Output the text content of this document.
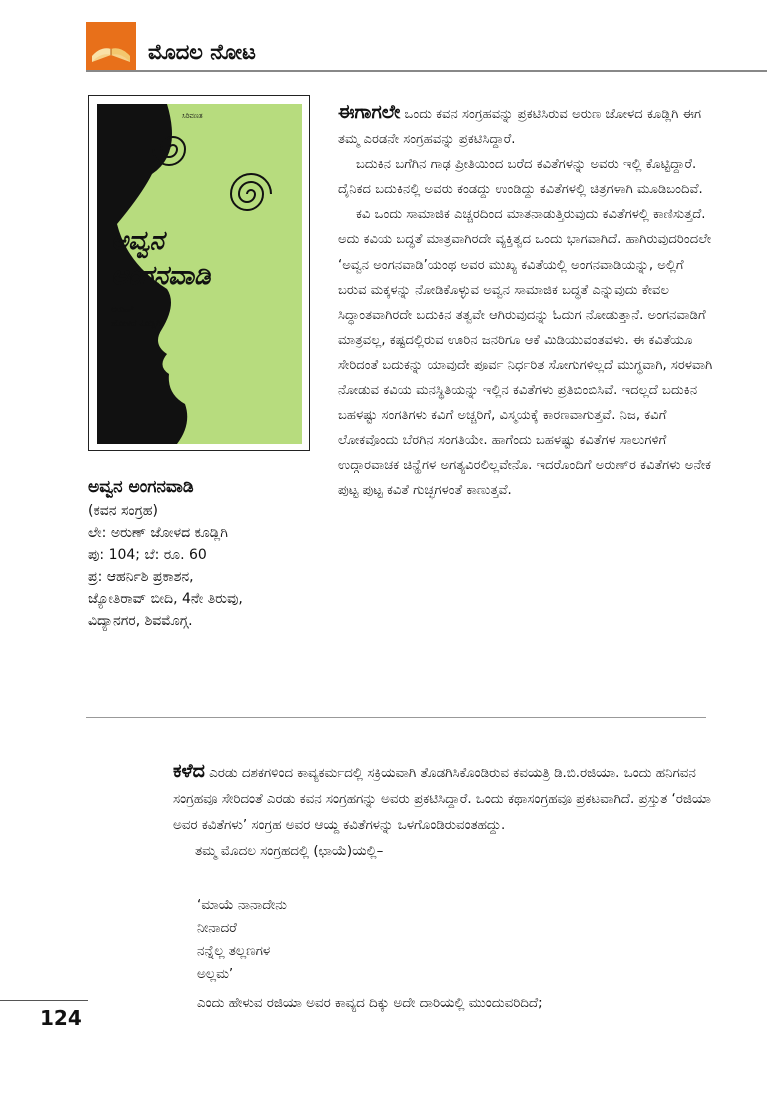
ಮೊದಲ ನೋಟ
ಸಿರಿವಣತ
ಅವ್ವನ
ಅಂಗನವಾಡಿ
ಅರುಣ್
ಜೋಳದ ಕೂಡ್ಲಿಗಿ
ಅವ್ವನ ಅಂಗನವಾಡಿ
(ಕವನ ಸಂಗ್ರಹ)
ಲೇ: ಅರುಣ್ ಜೋಳದ ಕೂಡ್ಲಿಗಿ
ಪು: 104; ಬೆ: ರೂ. 60
ಪ್ರ: ಆಹರ್ನಿಶಿ ಪ್ರಕಾಶನ,
ಜ್ಯೋತಿರಾವ್ ಬೀದಿ, 4ನೇ ತಿರುವು,
ವಿದ್ಯಾನಗರ, ಶಿವಮೊಗ್ಗ.

ಈಗಾಗಲೇ ಒಂದು ಕವನ ಸಂಗ್ರಹವನ್ನು ಪ್ರಕಟಿಸಿರುವ ಅರುಣ ಜೋಳದ ಕೂಡ್ಲಿಗಿ ಈಗ ತಮ್ಮ ಎರಡನೇ ಸಂಗ್ರಹವನ್ನು ಪ್ರಕಟಿಸಿದ್ದಾರೆ.

ಬದುಕಿನ ಬಗೆಗಿನ ಗಾಢ ಪ್ರೀತಿಯಿಂದ ಬರೆದ ಕವಿತೆಗಳನ್ನು ಅವರು ಇಲ್ಲಿ ಕೊಟ್ಟಿದ್ದಾರೆ. ದೈನಿಕದ ಬದುಕಿನಲ್ಲಿ ಅವರು ಕಂಡದ್ದು ಉಂಡಿದ್ದು ಕವಿತೆಗಳಲ್ಲಿ ಚಿತ್ರಗಳಾಗಿ ಮೂಡಿಬಂದಿವೆ.

ಕವಿ ಒಂದು ಸಾಮಾಜಿಕ ಎಚ್ಚರದಿಂದ ಮಾತನಾಡುತ್ತಿರುವುದು ಕವಿತೆಗಳಲ್ಲಿ ಕಾಣಿಸುತ್ತದೆ. ಅದು ಕವಿಯ ಬದ್ಧತೆ ಮಾತ್ರವಾಗಿರದೇ ವ್ಯಕ್ತಿತ್ವದ ಒಂದು ಭಾಗವಾಗಿದೆ. ಹಾಗಿರುವುದರಿಂದಲೇ ‘ಅವ್ವನ ಅಂಗನವಾಡಿ’ಯಂಥ ಅವರ ಮುಖ್ಯ ಕವಿತೆಯಲ್ಲಿ ಅಂಗನವಾಡಿಯನ್ನು, ಅಲ್ಲಿಗೆ ಬರುವ ಮಕ್ಕಳನ್ನು ನೋಡಿಕೊಳ್ಳುವ ಅವ್ವನ ಸಾಮಾಜಿಕ ಬದ್ಧತೆ ಎನ್ನುವುದು ಕೇವಲ ಸಿದ್ಧಾಂತವಾಗಿರದೇ ಬದುಕಿನ ತತ್ವವೇ ಆಗಿರುವುದನ್ನು ಓದುಗ ನೋಡುತ್ತಾನೆ. ಅಂಗನವಾಡಿಗೆ ಮಾತ್ರವಲ್ಲ, ಕಷ್ಟದಲ್ಲಿರುವ ಊರಿನ ಜನರಿಗೂ ಆಕೆ ಮಿಡಿಯುವಂತವಳು. ಈ ಕವಿತೆಯೂ ಸೇರಿದಂತೆ ಬದುಕನ್ನು ಯಾವುದೇ ಪೂರ್ವ ನಿರ್ಧರಿತ ಸೋಗುಗಳಿಲ್ಲದೆ ಮುಗ್ಧವಾಗಿ, ಸರಳವಾಗಿ ನೋಡುವ ಕವಿಯ ಮನಸ್ಥಿತಿಯನ್ನು ಇಲ್ಲಿನ ಕವಿತೆಗಳು ಪ್ರತಿಬಿಂಬಿಸಿವೆ. ಇದಲ್ಲದೆ ಬದುಕಿನ ಬಹಳಷ್ಟು ಸಂಗತಿಗಳು ಕವಿಗೆ ಅಚ್ಚರಿಗೆ, ವಿಸ್ಮಯಕ್ಕೆ ಕಾರಣವಾಗುತ್ತವೆ. ನಿಜ, ಕವಿಗೆ ಲೋಕವೊಂದು ಬೆರಗಿನ ಸಂಗತಿಯೇ. ಹಾಗೆಂದು ಬಹಳಷ್ಟು ಕವಿತೆಗಳ ಸಾಲುಗಳಿಗೆ ಉದ್ಗಾರವಾಚಕ ಚಿನ್ಹೆಗಳ ಅಗತ್ಯವಿರಲಿಲ್ಲವೇನೊ. ಇದರೊಂದಿಗೆ ಅರುಣ್‌ರ ಕವಿತೆಗಳು ಅನೇಕ ಪುಟ್ಟ ಪುಟ್ಟ ಕವಿತೆ ಗುಚ್ಛಗಳಂತೆ ಕಾಣುತ್ತವೆ.

ಕಳೆದ ಎರಡು ದಶಕಗಳಿಂದ ಕಾವ್ಯಕರ್ಮದಲ್ಲಿ ಸಕ್ರಿಯವಾಗಿ ತೊಡಗಿಸಿಕೊಂಡಿರುವ ಕವಯತ್ರಿ ಡಿ.ಬಿ.ರಜಿಯಾ. ಒಂದು ಹನಿಗವನ ಸಂಗ್ರಹವೂ ಸೇರಿದಂತೆ ಎರಡು ಕವನ ಸಂಗ್ರಹಗನ್ನು ಅವರು ಪ್ರಕಟಿಸಿದ್ದಾರೆ. ಒಂದು ಕಥಾಸಂಗ್ರಹವೂ ಪ್ರಕಟವಾಗಿದೆ. ಪ್ರಸ್ತುತ ‘ರಜಿಯಾ ಅವರ ಕವಿತೆಗಳು’ ಸಂಗ್ರಹ ಅವರ ಆಯ್ದ ಕವಿತೆಗಳನ್ನು ಒಳಗೊಂಡಿರುವಂತಹದ್ದು.

ತಮ್ಮ ಮೊದಲ ಸಂಗ್ರಹದಲ್ಲಿ (ಛಾಯೆ)ಯಲ್ಲಿ–

‘ಮಾಯೆ ನಾನಾದೇನು
ನೀನಾದರೆ
ನನ್ನೆಲ್ಲ ತಲ್ಲಣಗಳ
ಅಲ್ಲಮ’
ಎಂದು ಹೇಳುವ ರಜಿಯಾ ಅವರ ಕಾವ್ಯದ ದಿಕ್ಕು ಅದೇ ದಾರಿಯಲ್ಲಿ ಮುಂದುವರಿದಿದೆ;
124
